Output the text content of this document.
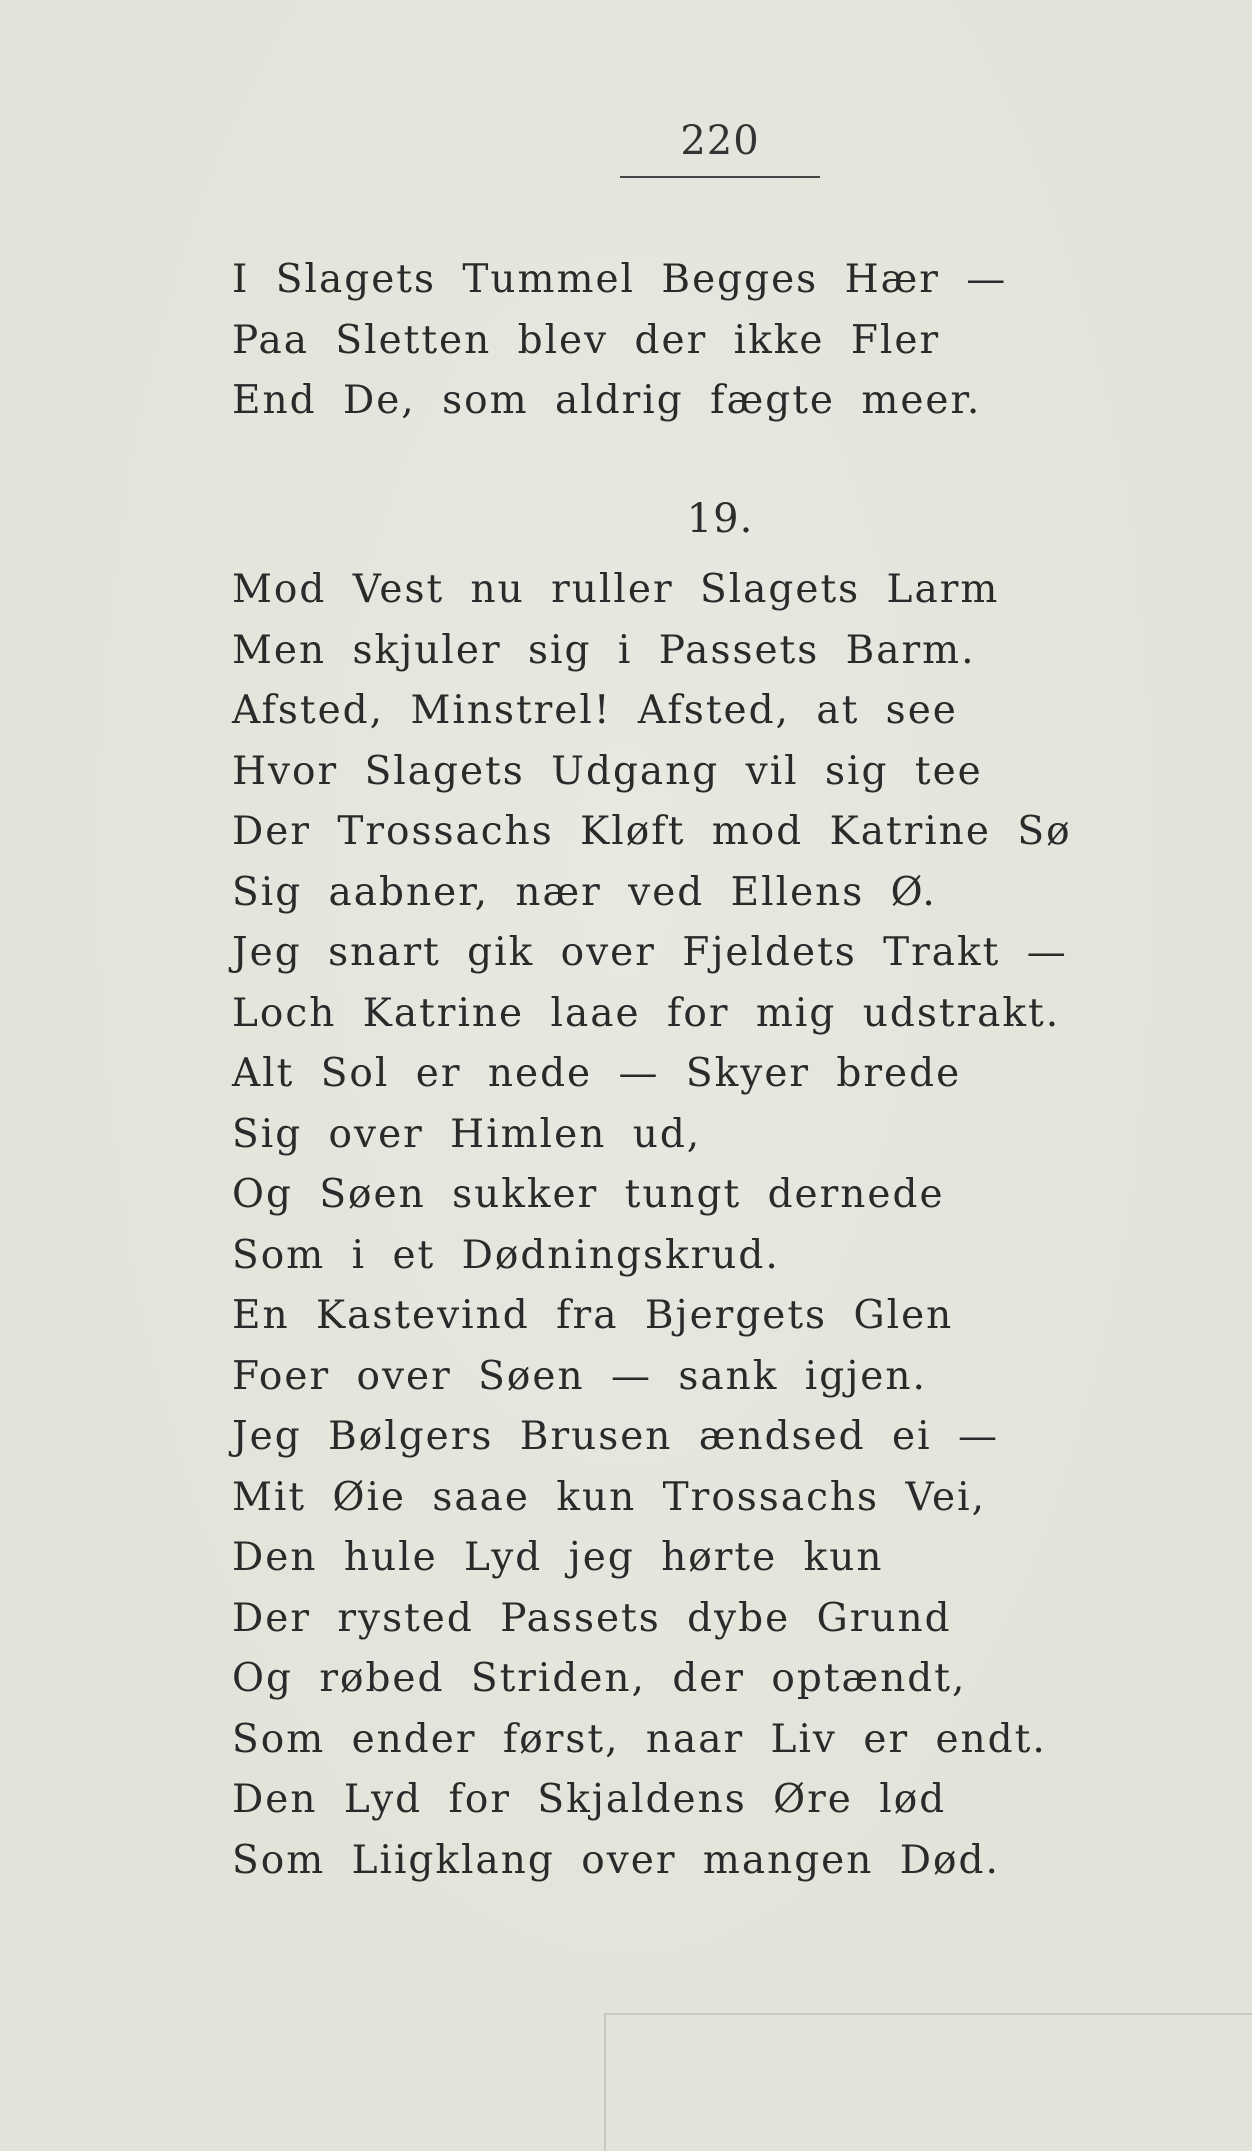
220
I Slagets Tummel Begges Hær —
Paa Sletten blev der ikke Fler
End De, som aldrig fægte meer.
19.
Mod Vest nu ruller Slagets Larm
Men skjuler sig i Passets Barm.
Afsted, Minstrel! Afsted, at see
Hvor Slagets Udgang vil sig tee
Der Trossachs Kløft mod Katrine Sø
Sig aabner, nær ved Ellens Ø.
Jeg snart gik over Fjeldets Trakt —
Loch Katrine laae for mig udstrakt.
Alt Sol er nede — Skyer brede
Sig over Himlen ud,
Og Søen sukker tungt dernede
Som i et Dødningskrud.
En Kastevind fra Bjergets Glen
Foer over Søen — sank igjen.
Jeg Bølgers Brusen ændsed ei —
Mit Øie saae kun Trossachs Vei,
Den hule Lyd jeg hørte kun
Der rysted Passets dybe Grund
Og røbed Striden, der optændt,
Som ender først, naar Liv er endt.
Den Lyd for Skjaldens Øre lød
Som Liigklang over mangen Død.
